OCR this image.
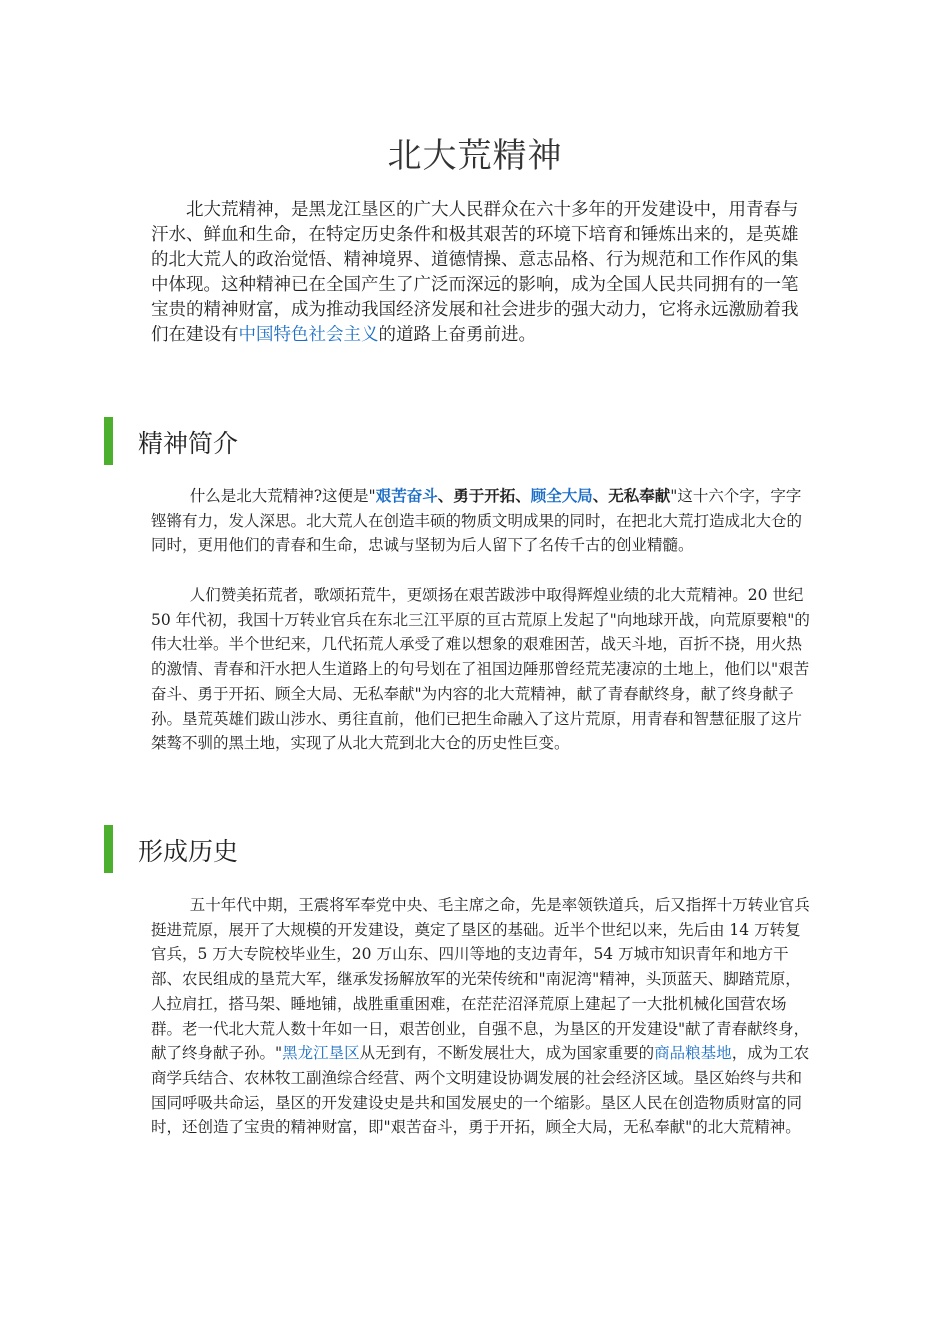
北大荒精神

北大荒精神，是黑龙江垦区的广大人民群众在六十多年的开发建设中，用青春与汗水、鲜血和生命，在特定历史条件和极其艰苦的环境下培育和锤炼出来的，是英雄的北大荒人的政治觉悟、精神境界、道德情操、意志品格、行为规范和工作作风的集中体现。这种精神已在全国产生了广泛而深远的影响，成为全国人民共同拥有的一笔宝贵的精神财富，成为推动我国经济发展和社会进步的强大动力，它将永远激励着我们在建设有中国特色社会主义的道路上奋勇前进。

精神简介

什么是北大荒精神?这便是"艰苦奋斗、勇于开拓、顾全大局、无私奉献"这十六个字，字字铿锵有力，发人深思。北大荒人在创造丰硕的物质文明成果的同时，在把北大荒打造成北大仓的同时，更用他们的青春和生命，忠诚与坚韧为后人留下了名传千古的创业精髓。

人们赞美拓荒者，歌颂拓荒牛，更颂扬在艰苦跋涉中取得辉煌业绩的北大荒精神。20 世纪 50 年代初，我国十万转业官兵在东北三江平原的亘古荒原上发起了"向地球开战，向荒原要粮"的伟大壮举。半个世纪来，几代拓荒人承受了难以想象的艰难困苦，战天斗地，百折不挠，用火热的激情、青春和汗水把人生道路上的句号划在了祖国边陲那曾经荒芜凄凉的土地上，他们以"艰苦奋斗、勇于开拓、顾全大局、无私奉献"为内容的北大荒精神，献了青春献终身，献了终身献子孙。垦荒英雄们跋山涉水、勇往直前，他们已把生命融入了这片荒原，用青春和智慧征服了这片桀骜不驯的黑土地，实现了从北大荒到北大仓的历史性巨变。

形成历史

五十年代中期，王震将军奉党中央、毛主席之命，先是率领铁道兵，后又指挥十万转业官兵挺进荒原，展开了大规模的开发建设，奠定了垦区的基础。近半个世纪以来，先后由 14 万转复官兵，5 万大专院校毕业生，20 万山东、四川等地的支边青年，54 万城市知识青年和地方干部、农民组成的垦荒大军，继承发扬解放军的光荣传统和"南泥湾"精神，头顶蓝天、脚踏荒原，人拉肩扛，搭马架、睡地铺，战胜重重困难，在茫茫沼泽荒原上建起了一大批机械化国营农场群。老一代北大荒人数十年如一日，艰苦创业，自强不息，为垦区的开发建设"献了青春献终身，献了终身献子孙。"黑龙江垦区从无到有，不断发展壮大，成为国家重要的商品粮基地，成为工农商学兵结合、农林牧工副渔综合经营、两个文明建设协调发展的社会经济区域。垦区始终与共和国同呼吸共命运，垦区的开发建设史是共和国发展史的一个缩影。垦区人民在创造物质财富的同时，还创造了宝贵的精神财富，即"艰苦奋斗，勇于开拓，顾全大局，无私奉献"的北大荒精神。
